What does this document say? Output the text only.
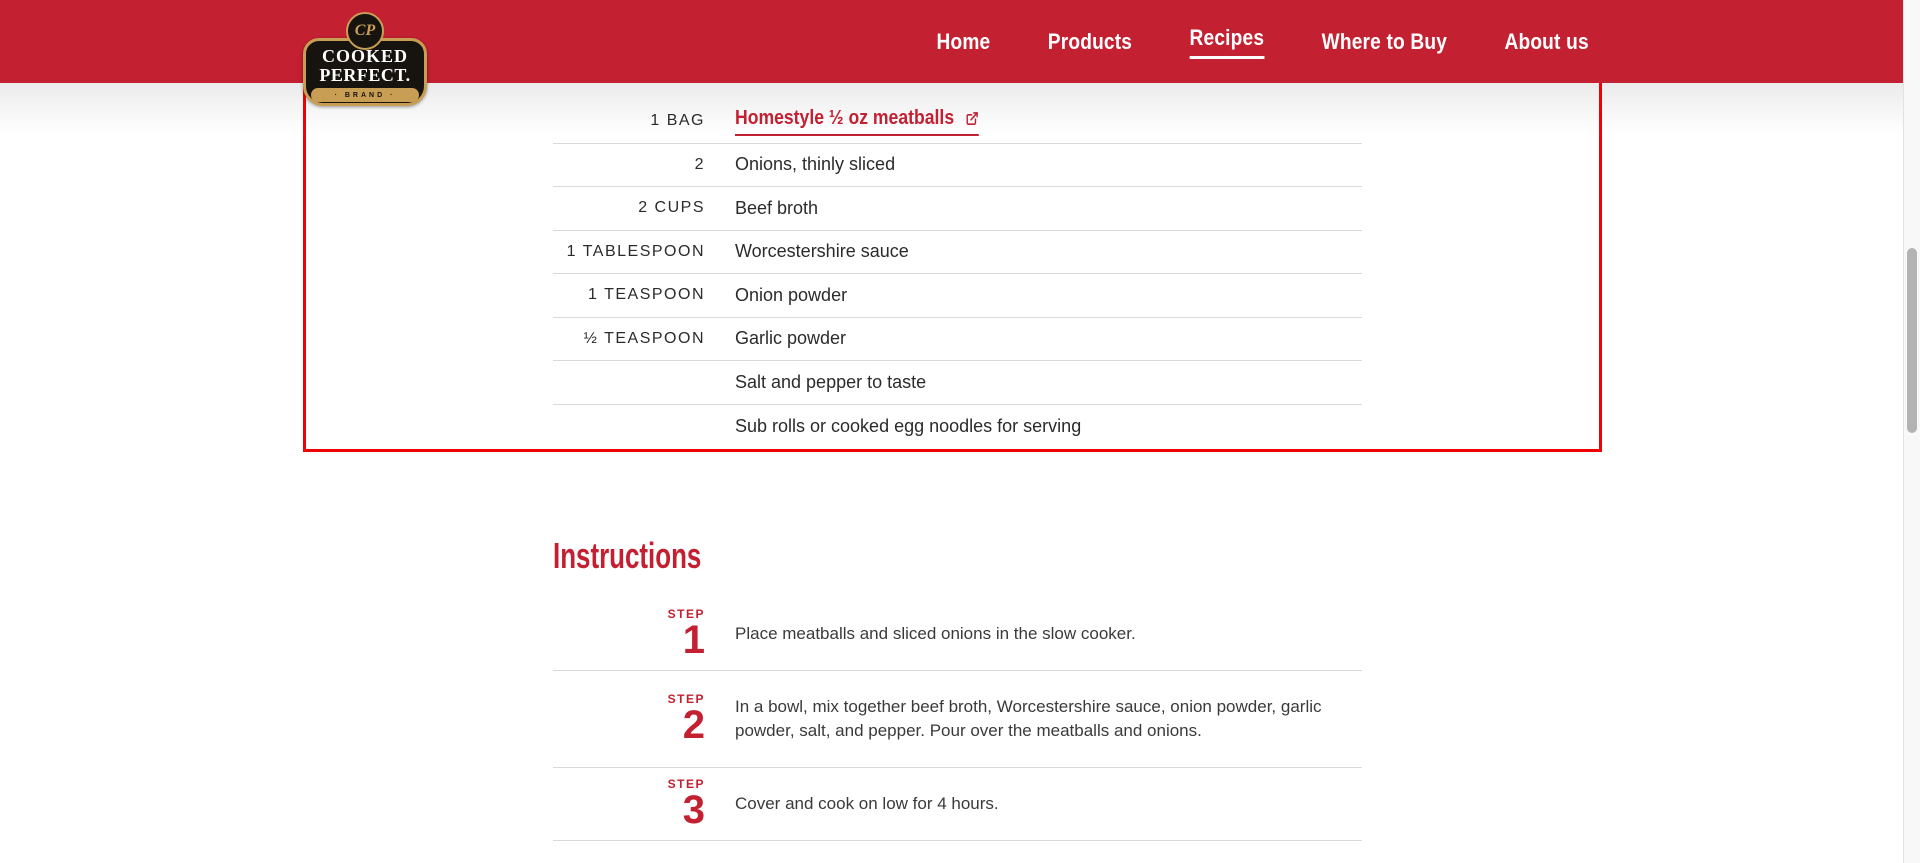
Home	Products	Recipes	Where to Buy	About us
CP
COOKED
PERFECT.
· BRAND ·
1 BAG Homestyle ½ oz meatballs
2 Onions, thinly sliced
2 CUPS Beef broth
1 TABLESPOON Worcestershire sauce
1 TEASPOON Onion powder
½ TEASPOON Garlic powder
Salt and pepper to taste
Sub rolls or cooked egg noodles for serving
Instructions
STEP
1 Place meatballs and sliced onions in the slow cooker.
STEP
2 In a bowl, mix together beef broth, Worcestershire sauce, onion powder, garlic powder, salt, and pepper. Pour over the meatballs and onions.
STEP
3 Cover and cook on low for 4 hours.
